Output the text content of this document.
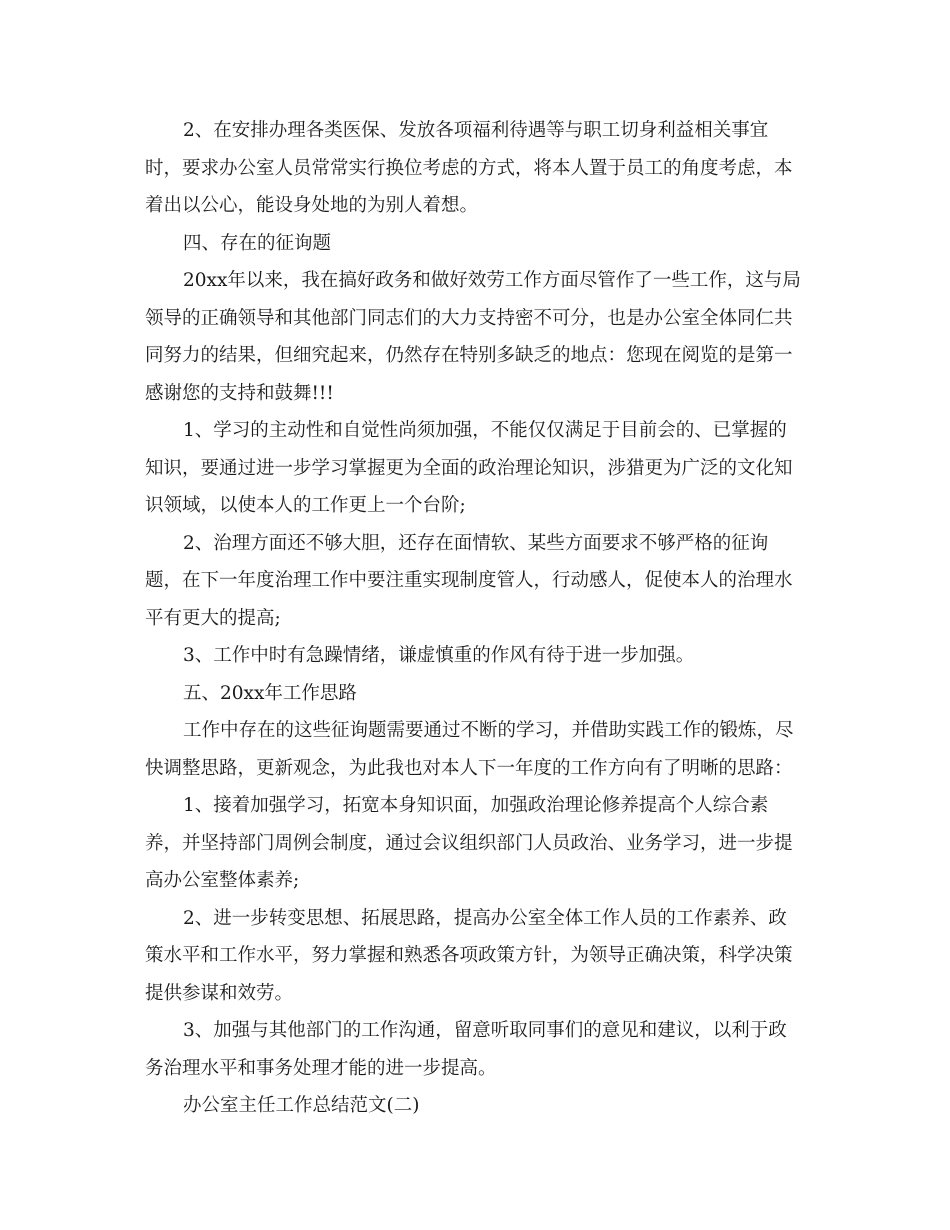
2、在安排办理各类医保、发放各项福利待遇等与职工切身利益相关事宜
时，要求办公室人员常常实行换位考虑的方式，将本人置于员工的角度考虑，本
着出以公心，能设身处地的为别人着想。
四、存在的征询题
20xx年以来，我在搞好政务和做好效劳工作方面尽管作了一些工作，这与局
领导的正确领导和其他部门同志们的大力支持密不可分，也是办公室全体同仁共
同努力的结果，但细究起来，仍然存在特别多缺乏的地点：您现在阅览的是第一
感谢您的支持和鼓舞!!!
1、学习的主动性和自觉性尚须加强，不能仅仅满足于目前会的、已掌握的
知识，要通过进一步学习掌握更为全面的政治理论知识，涉猎更为广泛的文化知
识领域，以使本人的工作更上一个台阶;
2、治理方面还不够大胆，还存在面情软、某些方面要求不够严格的征询
题，在下一年度治理工作中要注重实现制度管人，行动感人，促使本人的治理水
平有更大的提高;
3、工作中时有急躁情绪，谦虚慎重的作风有待于进一步加强。
五、20xx年工作思路
工作中存在的这些征询题需要通过不断的学习，并借助实践工作的锻炼，尽
快调整思路，更新观念，为此我也对本人下一年度的工作方向有了明晰的思路：
1、接着加强学习，拓宽本身知识面，加强政治理论修养提高个人综合素
养，并坚持部门周例会制度，通过会议组织部门人员政治、业务学习，进一步提
高办公室整体素养;
2、进一步转变思想、拓展思路，提高办公室全体工作人员的工作素养、政
策水平和工作水平，努力掌握和熟悉各项政策方针，为领导正确决策，科学决策
提供参谋和效劳。
3、加强与其他部门的工作沟通，留意听取同事们的意见和建议，以利于政
务治理水平和事务处理才能的进一步提高。
办公室主任工作总结范文(二)
